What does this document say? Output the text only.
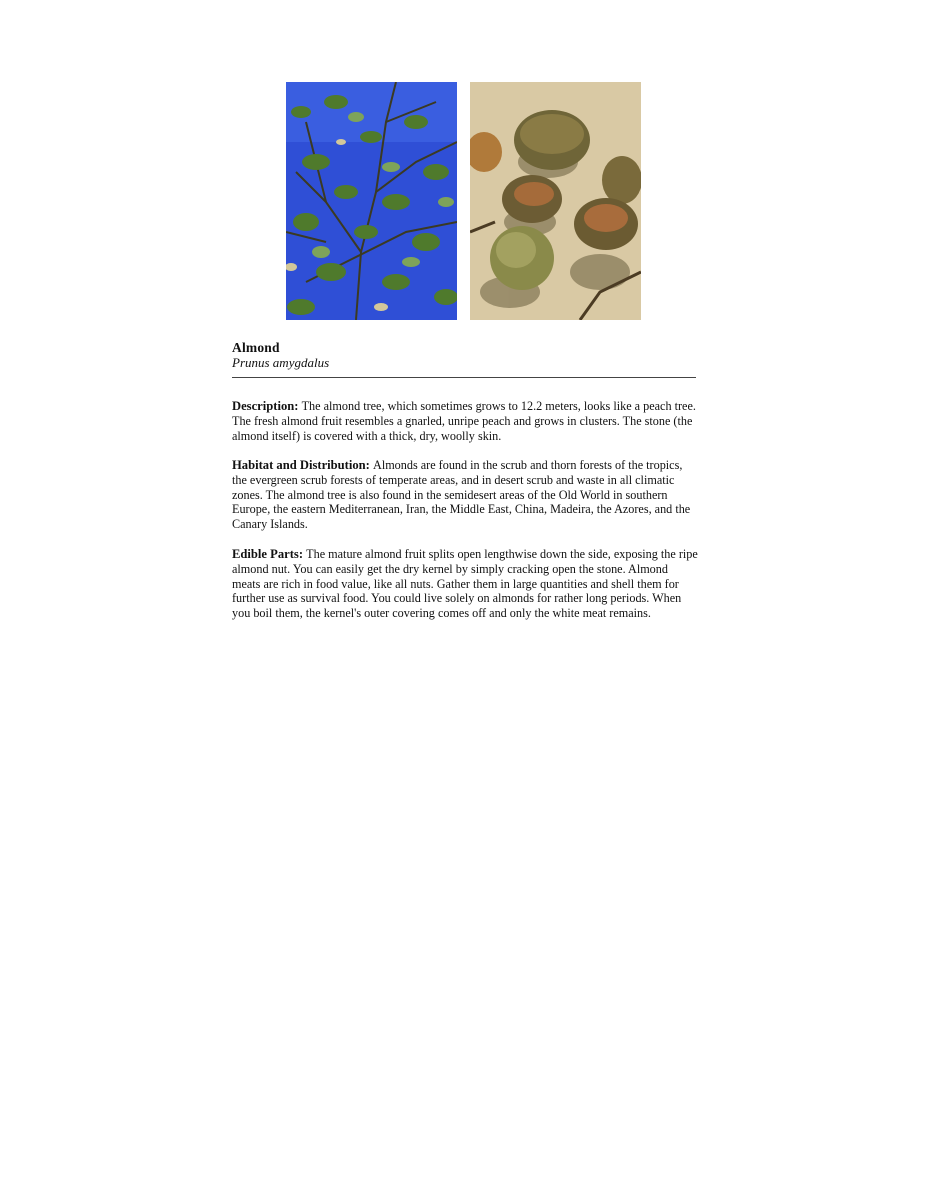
Almond
Prunus amygdalus
Description: The almond tree, which sometimes grows to 12.2 meters, looks like a peach tree. The fresh almond fruit resembles a gnarled, unripe peach and grows in clusters. The stone (the almond itself) is covered with a thick, dry, woolly skin.
Habitat and Distribution: Almonds are found in the scrub and thorn forests of the tropics, the evergreen scrub forests of temperate areas, and in desert scrub and waste in all climatic zones. The almond tree is also found in the semidesert areas of the Old World in southern Europe, the eastern Mediterranean, Iran, the Middle East, China, Madeira, the Azores, and the Canary Islands.
Edible Parts: The mature almond fruit splits open lengthwise down the side, exposing the ripe almond nut. You can easily get the dry kernel by simply cracking open the stone. Almond meats are rich in food value, like all nuts. Gather them in large quantities and shell them for further use as survival food. You could live solely on almonds for rather long periods. When you boil them, the kernel's outer covering comes off and only the white meat remains.
